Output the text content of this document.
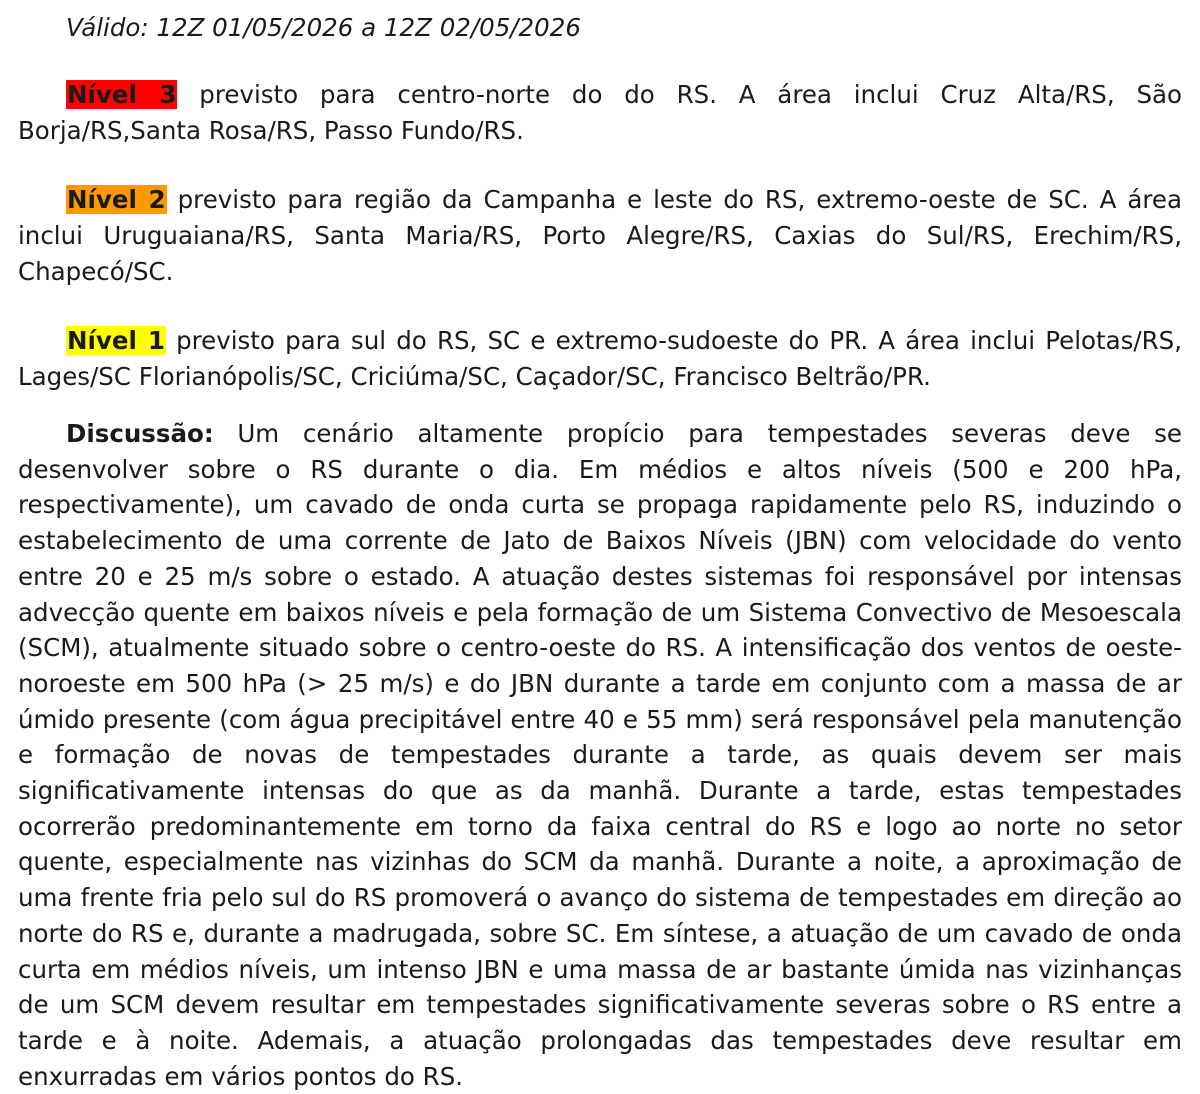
Válido: 12Z 01/05/2026 a 12Z 02/05/2026

Nível 3 previsto para centro-norte do do RS. A área inclui Cruz Alta/RS, São Borja/RS,Santa Rosa/RS, Passo Fundo/RS.

Nível 2 previsto para região da Campanha e leste do RS, extremo-oeste de SC. A área inclui Uruguaiana/RS, Santa Maria/RS, Porto Alegre/RS, Caxias do Sul/RS, Erechim/RS, Chapecó/SC.

Nível 1 previsto para sul do RS, SC e extremo-sudoeste do PR. A área inclui Pelotas/RS, Lages/SC Florianópolis/SC, Criciúma/SC, Caçador/SC, Francisco Beltrão/PR.

Discussão: Um cenário altamente propício para tempestades severas deve se desenvolver sobre o RS durante o dia. Em médios e altos níveis (500 e 200 hPa, respectivamente), um cavado de onda curta se propaga rapidamente pelo RS, induzindo o estabelecimento de uma corrente de Jato de Baixos Níveis (JBN) com velocidade do vento entre 20 e 25 m/s sobre o estado. A atuação destes sistemas foi responsável por intensas advecção quente em baixos níveis e pela formação de um Sistema Convectivo de Mesoescala (SCM), atualmente situado sobre o centro-oeste do RS. A intensificação dos ventos de oeste-noroeste em 500 hPa (> 25 m/s) e do JBN durante a tarde em conjunto com a massa de ar úmido presente (com água precipitável entre 40 e 55 mm) será responsável pela manutenção e formação de novas de tempestades durante a tarde, as quais devem ser mais significativamente intensas do que as da manhã. Durante a tarde, estas tempestades ocorrerão predominantemente em torno da faixa central do RS e logo ao norte no setor quente, especialmente nas vizinhas do SCM da manhã. Durante a noite, a aproximação de uma frente fria pelo sul do RS promoverá o avanço do sistema de tempestades em direção ao norte do RS e, durante a madrugada, sobre SC. Em síntese, a atuação de um cavado de onda curta em médios níveis, um intenso JBN e uma massa de ar bastante úmida nas vizinhanças de um SCM devem resultar em tempestades significativamente severas sobre o RS entre a tarde e à noite. Ademais, a atuação prolongadas das tempestades deve resultar em enxurradas em vários pontos do RS.
